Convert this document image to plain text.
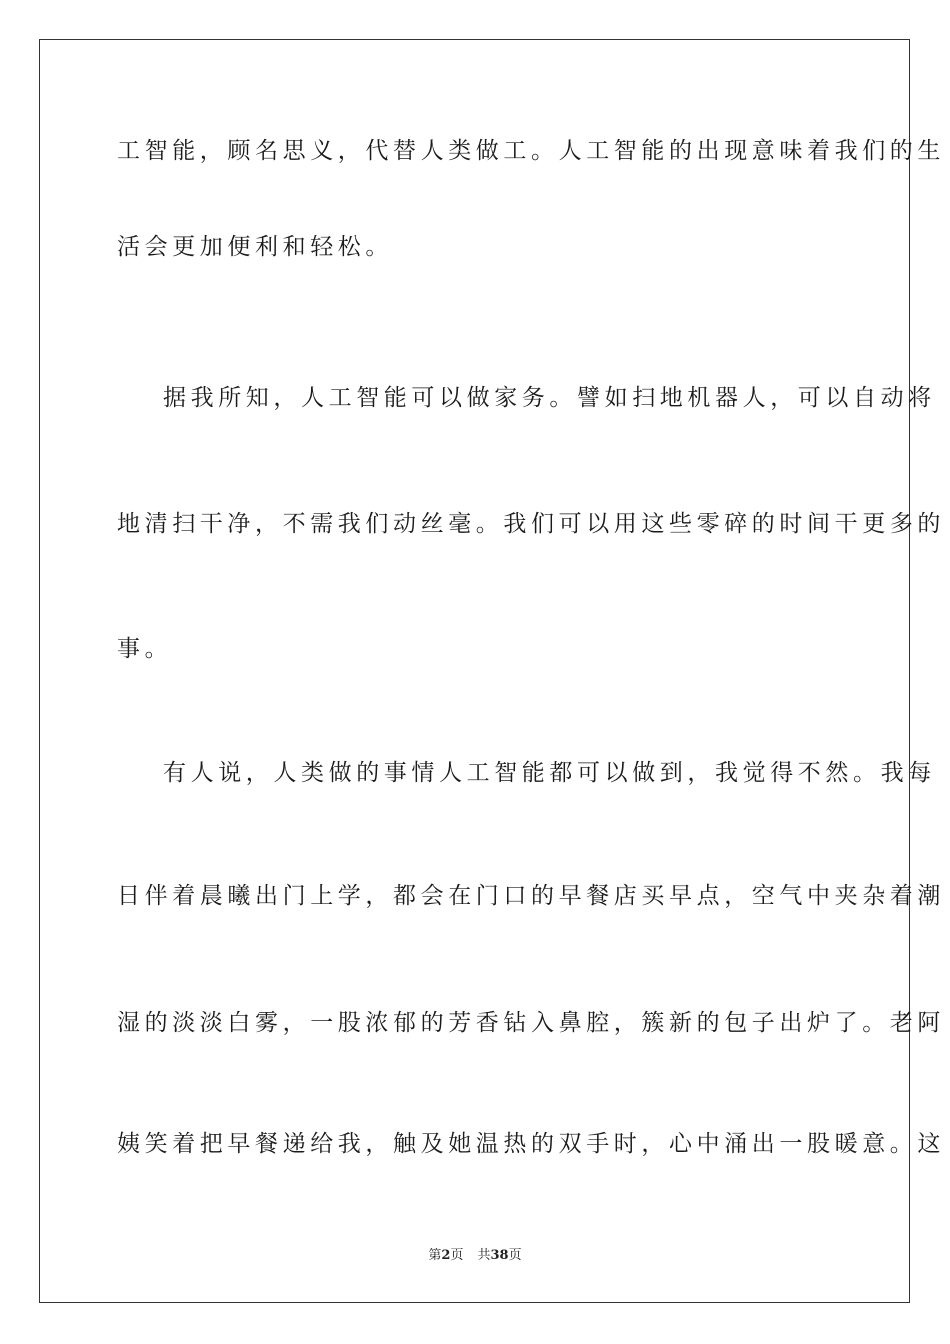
工智能，顾名思义，代替人类做工。人工智能的出现意味着我们的生
活会更加便利和轻松。
据我所知，人工智能可以做家务。譬如扫地机器人，可以自动将
地清扫干净，不需我们动丝毫。我们可以用这些零碎的时间干更多的
事。
有人说，人类做的事情人工智能都可以做到，我觉得不然。我每
日伴着晨曦出门上学，都会在门口的早餐店买早点，空气中夹杂着潮
湿的淡淡白雾，一股浓郁的芳香钻入鼻腔，簇新的包子出炉了。老阿
姨笑着把早餐递给我，触及她温热的双手时，心中涌出一股暖意。这
第2页 共38页
